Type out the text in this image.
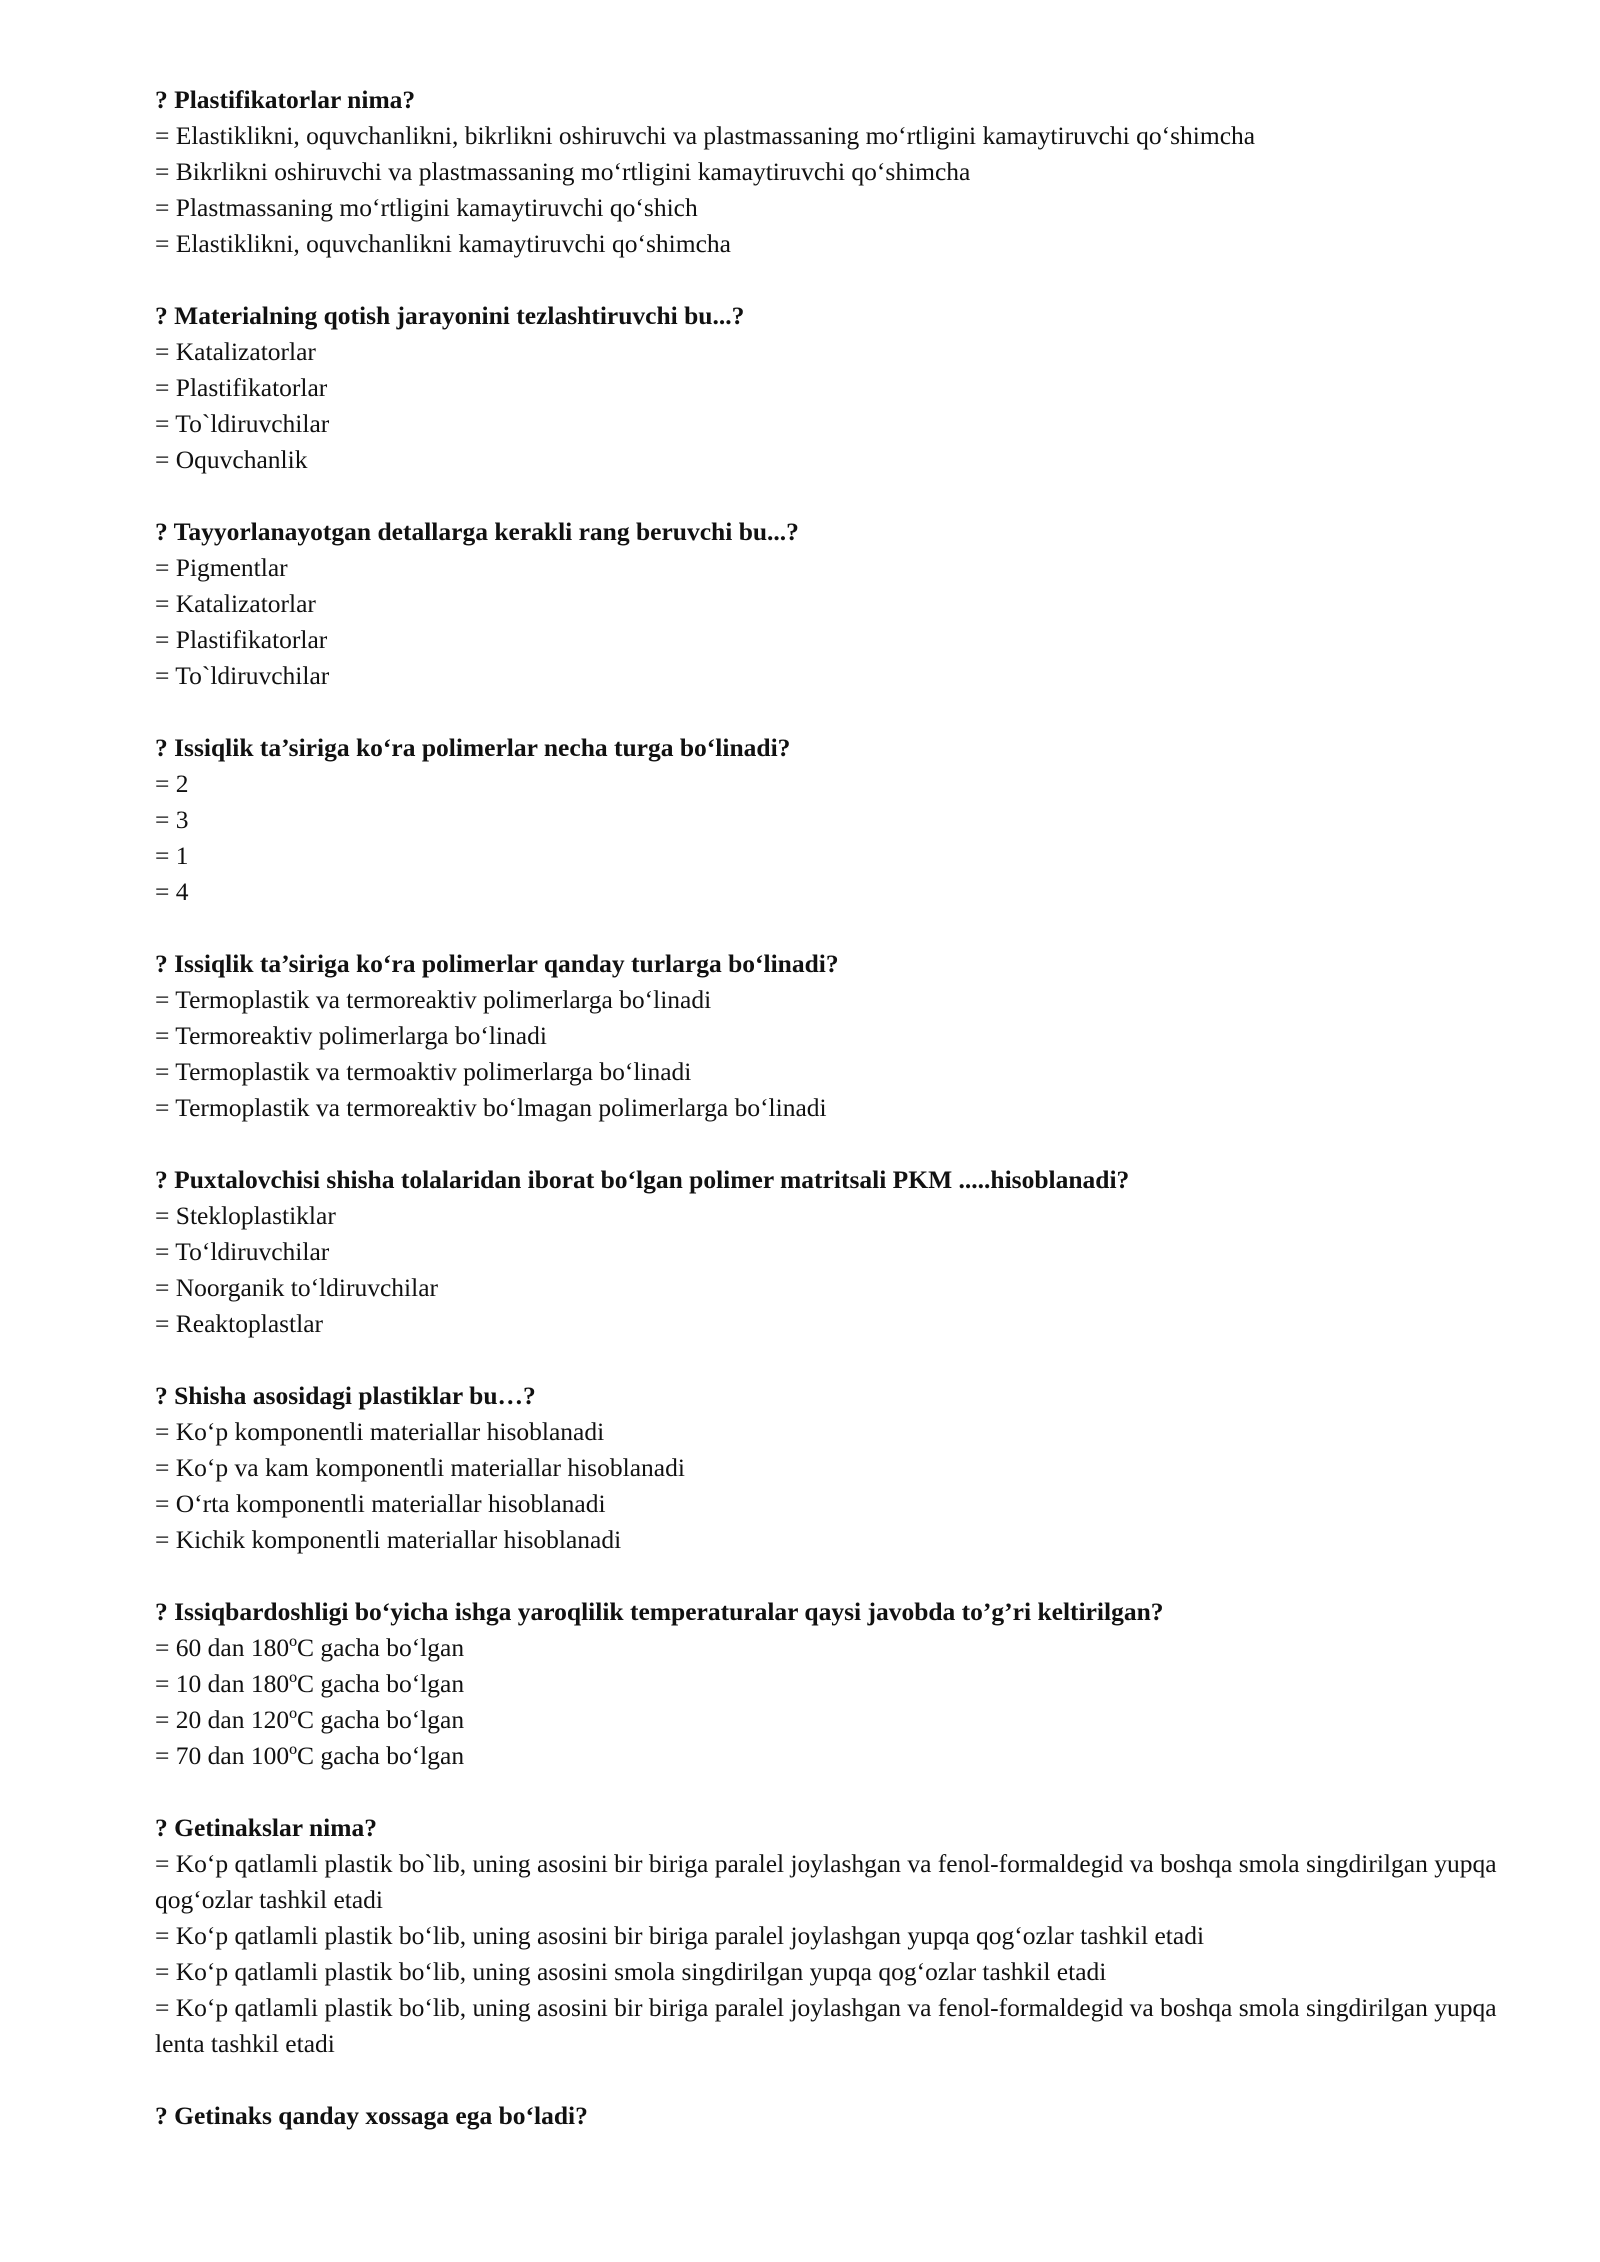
? Plastifikatorlar nima?

= Elastiklikni, oquvchanlikni, bikrlikni oshiruvchi va plastmassaning mo‘rtligini kamaytiruvchi qo‘shimcha
= Bikrlikni oshiruvchi va plastmassaning mo‘rtligini kamaytiruvchi qo‘shimcha
= Plastmassaning mo‘rtligini kamaytiruvchi qo‘shich
= Elastiklikni, oquvchanlikni kamaytiruvchi qo‘shimcha

? Materialning qotish jarayonini tezlashtiruvchi bu...?

= Katalizatorlar
= Plastifikatorlar
= To`ldiruvchilar
= Oquvchanlik

? Tayyorlanayotgan detallarga kerakli rang beruvchi bu...?

= Pigmentlar
= Katalizatorlar
= Plastifikatorlar
= To`ldiruvchilar

? Issiqlik ta’siriga ko‘ra polimerlar necha turga bo‘linadi?

= 2
= 3
= 1
= 4

? Issiqlik ta’siriga ko‘ra polimerlar qanday turlarga bo‘linadi?

= Termoplastik va termoreaktiv polimerlarga bo‘linadi
= Termoreaktiv polimerlarga bo‘linadi
= Termoplastik va termoaktiv polimerlarga bo‘linadi
= Termoplastik va termoreaktiv bo‘lmagan polimerlarga bo‘linadi

? Puxtalovchisi shisha tolalaridan iborat bo‘lgan polimer matritsali PKM .....hisoblanadi?

= Stekloplastiklar
= To‘ldiruvchilar
= Noorganik to‘ldiruvchilar
= Reaktoplastlar

? Shisha asosidagi plastiklar bu…?

= Ko‘p komponentli materiallar hisoblanadi
= Ko‘p va kam komponentli materiallar hisoblanadi
= O‘rta komponentli materiallar hisoblanadi
= Kichik komponentli materiallar hisoblanadi

? Issiqbardoshligi bo‘yicha ishga yaroqlilik temperaturalar qaysi javobda to’g’ri keltirilgan?

= 60 dan 180ºC gacha bo‘lgan
= 10 dan 180ºC gacha bo‘lgan
= 20 dan 120ºC gacha bo‘lgan
= 70 dan 100ºC gacha bo‘lgan

? Getinakslar nima?

= Ko‘p qatlamli plastik bo`lib, uning asosini bir biriga paralel joylashgan va fenol-formaldegid va boshqa smola singdirilgan yupqa qog‘ozlar tashkil etadi
= Ko‘p qatlamli plastik bo‘lib, uning asosini bir biriga paralel joylashgan yupqa qog‘ozlar tashkil etadi
= Ko‘p qatlamli plastik bo‘lib, uning asosini smola singdirilgan yupqa qog‘ozlar tashkil etadi
= Ko‘p qatlamli plastik bo‘lib, uning asosini bir biriga paralel joylashgan va fenol-formaldegid va boshqa smola singdirilgan yupqa lenta tashkil etadi

? Getinaks qanday xossaga ega bo‘ladi?
